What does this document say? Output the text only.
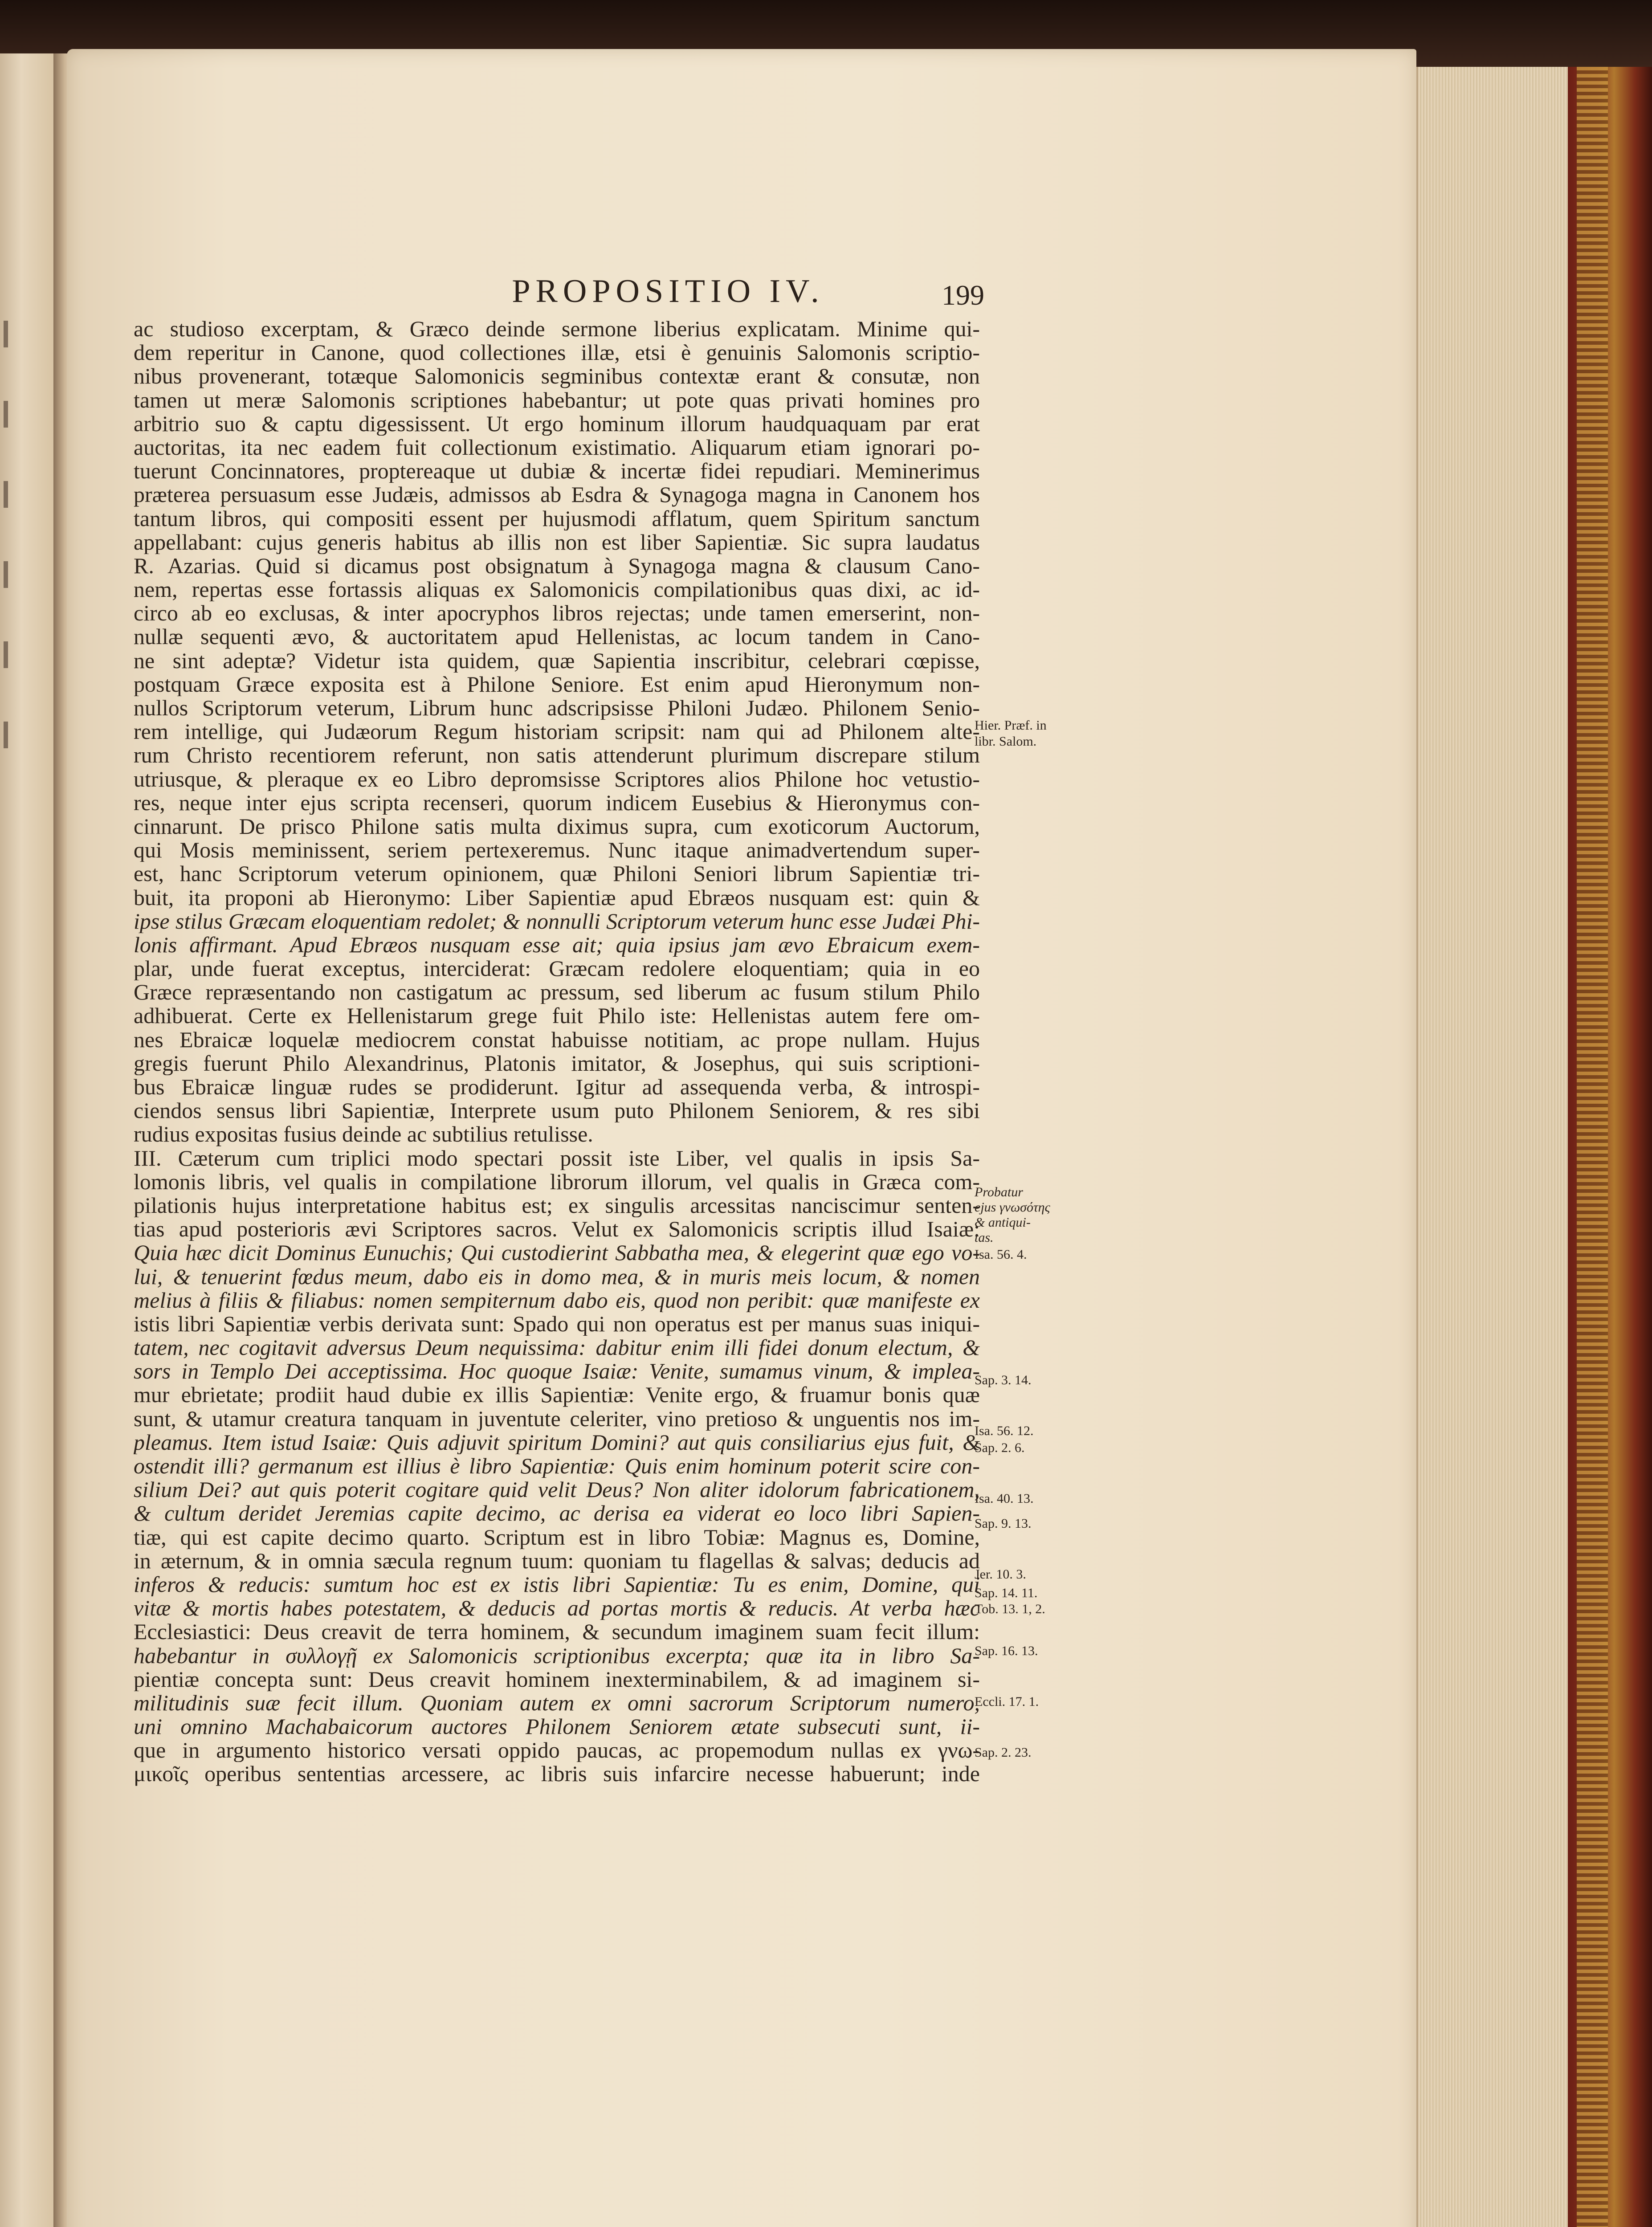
PROPOSITIO IV.	199
ac studioso excerptam, & Græco deinde sermone liberius explicatam. Minime qui-
dem reperitur in Canone, quod collectiones illæ, etsi è genuinis Salomonis scriptio-
nibus provenerant, totæque Salomonicis segminibus contextæ erant & consutæ, non
tamen ut meræ Salomonis scriptiones habebantur; ut pote quas privati homines pro
arbitrio suo & captu digessissent. Ut ergo hominum illorum haudquaquam par erat
auctoritas, ita nec eadem fuit collectionum existimatio. Aliquarum etiam ignorari po-
tuerunt Concinnatores, proptereaque ut dubiæ & incertæ fidei repudiari. Meminerimus
præterea persuasum esse Judæis, admissos ab Esdra & Synagoga magna in Canonem hos
tantum libros, qui compositi essent per hujusmodi afflatum, quem Spiritum sanctum
appellabant: cujus generis habitus ab illis non est liber Sapientiæ. Sic supra laudatus
R. Azarias. Quid si dicamus post obsignatum à Synagoga magna & clausum Cano-
nem, repertas esse fortassis aliquas ex Salomonicis compilationibus quas dixi, ac id-
circo ab eo exclusas, & inter apocryphos libros rejectas; unde tamen emerserint, non-
nullæ sequenti ævo, & auctoritatem apud Hellenistas, ac locum tandem in Cano-
ne sint adeptæ? Videtur ista quidem, quæ Sapientia inscribitur, celebrari cœpisse,
postquam Græce exposita est à Philone Seniore. Est enim apud Hieronymum non-
nullos Scriptorum veterum, Librum hunc adscripsisse Philoni Judæo. Philonem Senio-
rem intellige, qui Judæorum Regum historiam scripsit: nam qui ad Philonem alte-
rum Christo recentiorem referunt, non satis attenderunt plurimum discrepare stilum
utriusque, & pleraque ex eo Libro depromsisse Scriptores alios Philone hoc vetustio-
res, neque inter ejus scripta recenseri, quorum indicem Eusebius & Hieronymus con-
cinnarunt. De prisco Philone satis multa diximus supra, cum exoticorum Auctorum,
qui Mosis meminissent, seriem pertexeremus. Nunc itaque animadvertendum super-
est, hanc Scriptorum veterum opinionem, quæ Philoni Seniori librum Sapientiæ tri-
buit, ita proponi ab Hieronymo: Liber Sapientiæ apud Ebræos nusquam est: quin &
ipse stilus Græcam eloquentiam redolet; & nonnulli Scriptorum veterum hunc esse Judæi Phi-
lonis affirmant. Apud Ebræos nusquam esse ait; quia ipsius jam ævo Ebraicum exem-
plar, unde fuerat exceptus, interciderat: Græcam redolere eloquentiam; quia in eo
Græce repræsentando non castigatum ac pressum, sed liberum ac fusum stilum Philo
adhibuerat. Certe ex Hellenistarum grege fuit Philo iste: Hellenistas autem fere om-
nes Ebraicæ loquelæ mediocrem constat habuisse notitiam, ac prope nullam. Hujus
gregis fuerunt Philo Alexandrinus, Platonis imitator, & Josephus, qui suis scriptioni-
bus Ebraicæ linguæ rudes se prodiderunt. Igitur ad assequenda verba, & introspi-
ciendos sensus libri Sapientiæ, Interprete usum puto Philonem Seniorem, & res sibi
rudius expositas fusius deinde ac subtilius retulisse.
III. Cæterum cum triplici modo spectari possit iste Liber, vel qualis in ipsis Sa-
lomonis libris, vel qualis in compilatione librorum illorum, vel qualis in Græca com-
pilationis hujus interpretatione habitus est; ex singulis arcessitas nanciscimur senten-
tias apud posterioris ævi Scriptores sacros. Velut ex Salomonicis scriptis illud Isaiæ:
Quia hæc dicit Dominus Eunuchis; Qui custodierint Sabbatha mea, & elegerint quæ ego vo-
lui, & tenuerint fœdus meum, dabo eis in domo mea, & in muris meis locum, & nomen
melius à filiis & filiabus: nomen sempiternum dabo eis, quod non peribit: quæ manifeste ex
istis libri Sapientiæ verbis derivata sunt: Spado qui non operatus est per manus suas iniqui-
tatem, nec cogitavit adversus Deum nequissima: dabitur enim illi fidei donum electum, &
sors in Templo Dei acceptissima. Hoc quoque Isaiæ: Venite, sumamus vinum, & implea-
mur ebrietate; prodiit haud dubie ex illis Sapientiæ: Venite ergo, & fruamur bonis quæ
sunt, & utamur creatura tanquam in juventute celeriter, vino pretioso & unguentis nos im-
pleamus. Item istud Isaiæ: Quis adjuvit spiritum Domini? aut quis consiliarius ejus fuit, &
ostendit illi? germanum est illius è libro Sapientiæ: Quis enim hominum poterit scire con-
silium Dei? aut quis poterit cogitare quid velit Deus? Non aliter idolorum fabricationem,
& cultum deridet Jeremias capite decimo, ac derisa ea viderat eo loco libri Sapien-
tiæ, qui est capite decimo quarto. Scriptum est in libro Tobiæ: Magnus es, Domine,
in æternum, & in omnia sæcula regnum tuum: quoniam tu flagellas & salvas; deducis ad
inferos & reducis: sumtum hoc est ex istis libri Sapientiæ: Tu es enim, Domine, qui
vitæ & mortis habes potestatem, & deducis ad portas mortis & reducis. At verba hæc
Ecclesiastici: Deus creavit de terra hominem, & secundum imaginem suam fecit illum:
habebantur in συλλογῇ ex Salomonicis scriptionibus excerpta; quæ ita in libro Sa-
pientiæ concepta sunt: Deus creavit hominem inexterminabilem, & ad imaginem si-
militudinis suæ fecit illum. Quoniam autem ex omni sacrorum Scriptorum numero,
uni omnino Machabaicorum auctores Philonem Seniorem ætate subsecuti sunt, ii-
que in argumento historico versati oppido paucas, ac propemodum nullas ex γνω-
μικοῖς operibus sententias arcessere, ac libris suis infarcire necesse habuerunt; inde
Hier. Præf. in
libr. Salom.
Probatur
ejus γνωσότης
& antiqui-
tas.
Isa. 56. 4.
Sap. 3. 14.
Isa. 56. 12.
Sap. 2. 6.
Isa. 40. 13.
Sap. 9. 13.
Jer. 10. 3.
Sap. 14. 11.
Tob. 13. 1, 2.
Sap. 16. 13.
Eccli. 17. 1.
Sap. 2. 23.
